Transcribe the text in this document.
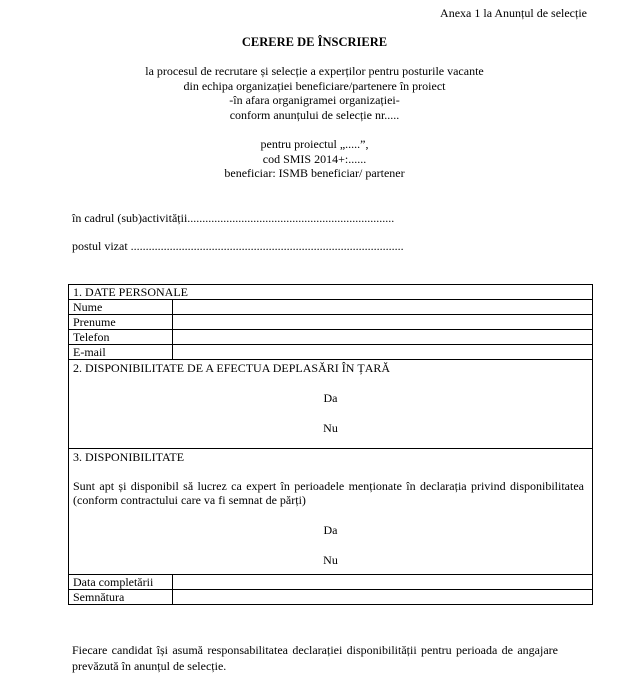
Anexa 1 la Anunțul de selecție
CERERE DE ÎNSCRIERE
la procesul de recrutare și selecție a experților pentru posturile vacante
din echipa organizației beneficiare/partenere în proiect
-în afara organigramei organizației-
conform anunțului de selecție nr.....
pentru proiectul „.....”,
cod SMIS 2014+:......
beneficiar: ISMB beneficiar/ partener
în cadrul (sub)activității.....................................................................
postul vizat ...........................................................................................
1. DATE PERSONALE	
Nume	
Prenume	
Telefon	
E-mail	

2. DISPONIBILITATE DE A EFECTUA DEPLASĂRI ÎN ȚARĂ
Da
Nu	

3. DISPONIBILITATE
Sunt apt și disponibil să lucrez ca expert în perioadele menționate în declarația privind disponibilitatea (conform contractului care va fi semnat de părți)
Da
Nu	

Data completării	
Semnătura	
Fiecare candidat își asumă responsabilitatea declarației disponibilității pentru perioada de angajare prevăzută în anunțul de selecție.
